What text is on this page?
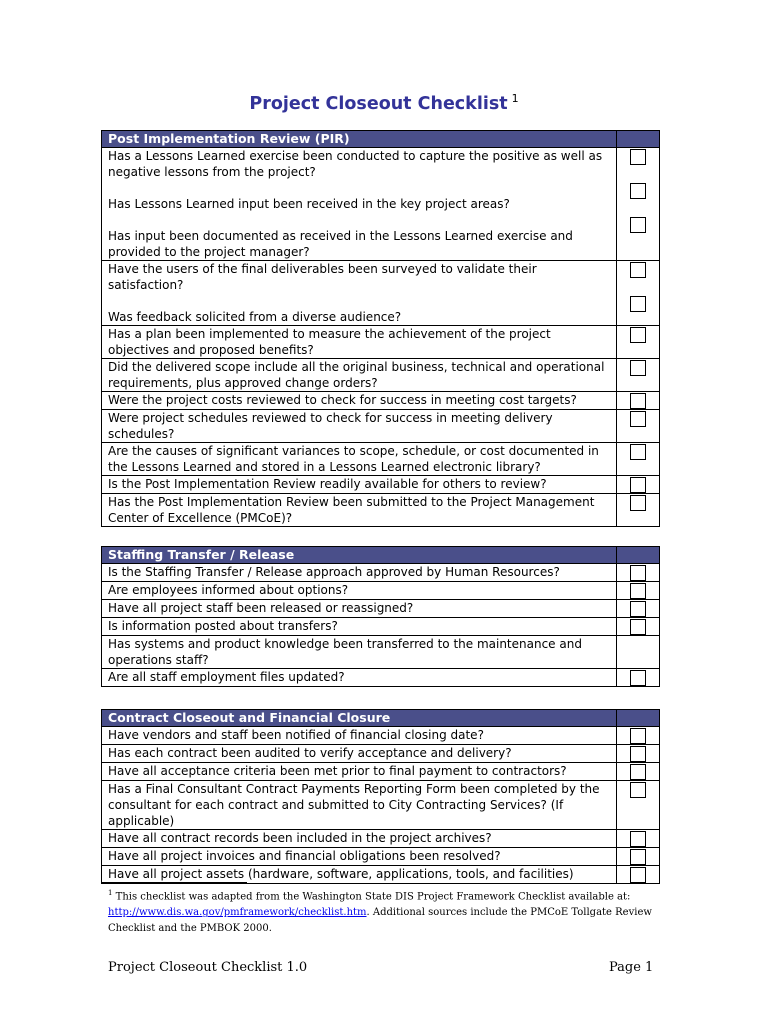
Project Closeout Checklist $^1$
Post Implementation Review (PIR)	

Has a Lessons Learned exercise been conducted to capture the positive as well as negative lessons from the project?
Has Lessons Learned input been received in the key project areas?
Has input been documented as received in the Lessons Learned exercise and provided to the project manager?	

Have the users of the final deliverables been surveyed to validate their satisfaction?
Was feedback solicited from a diverse audience?	

Has a plan been implemented to measure the achievement of the project objectives and proposed benefits?	

Did the delivered scope include all the original business, technical and operational requirements, plus approved change orders?	

Were the project costs reviewed to check for success in meeting cost targets?	

Were project schedules reviewed to check for success in meeting delivery schedules?	

Are the causes of significant variances to scope, schedule, or cost documented in the Lessons Learned and stored in a Lessons Learned electronic library?	

Is the Post Implementation Review readily available for others to review?	

Has the Post Implementation Review been submitted to the Project Management Center of Excellence (PMCoE)?	
Staffing Transfer / Release	
Is the Staffing Transfer / Release approach approved by Human Resources?	

Are employees informed about options?	

Have all project staff been released or reassigned?	

Is information posted about transfers?	

Has systems and product knowledge been transferred to the maintenance and operations staff?	
Are all staff employment files updated?	
Contract Closeout and Financial Closure	
Have vendors and staff been notified of financial closing date?	

Has each contract been audited to verify acceptance and delivery?	

Have all acceptance criteria been met prior to final payment to contractors?	

Has a Final Consultant Contract Payments Reporting Form been completed by the consultant for each contract and submitted to City Contracting Services? (If applicable)	

Have all contract records been included in the project archives?	

Have all project invoices and financial obligations been resolved?	

Have all project assets (hardware, software, applications, tools, and facilities)	
$^1$ This checklist was adapted from the Washington State DIS Project Framework Checklist available at:
http://www.dis.wa.gov/pmframework/checklist.htm. Additional sources include the PMCoE Tollgate Review Checklist and the PMBOK 2000.
Project Closeout Checklist 1.0	Page 1
